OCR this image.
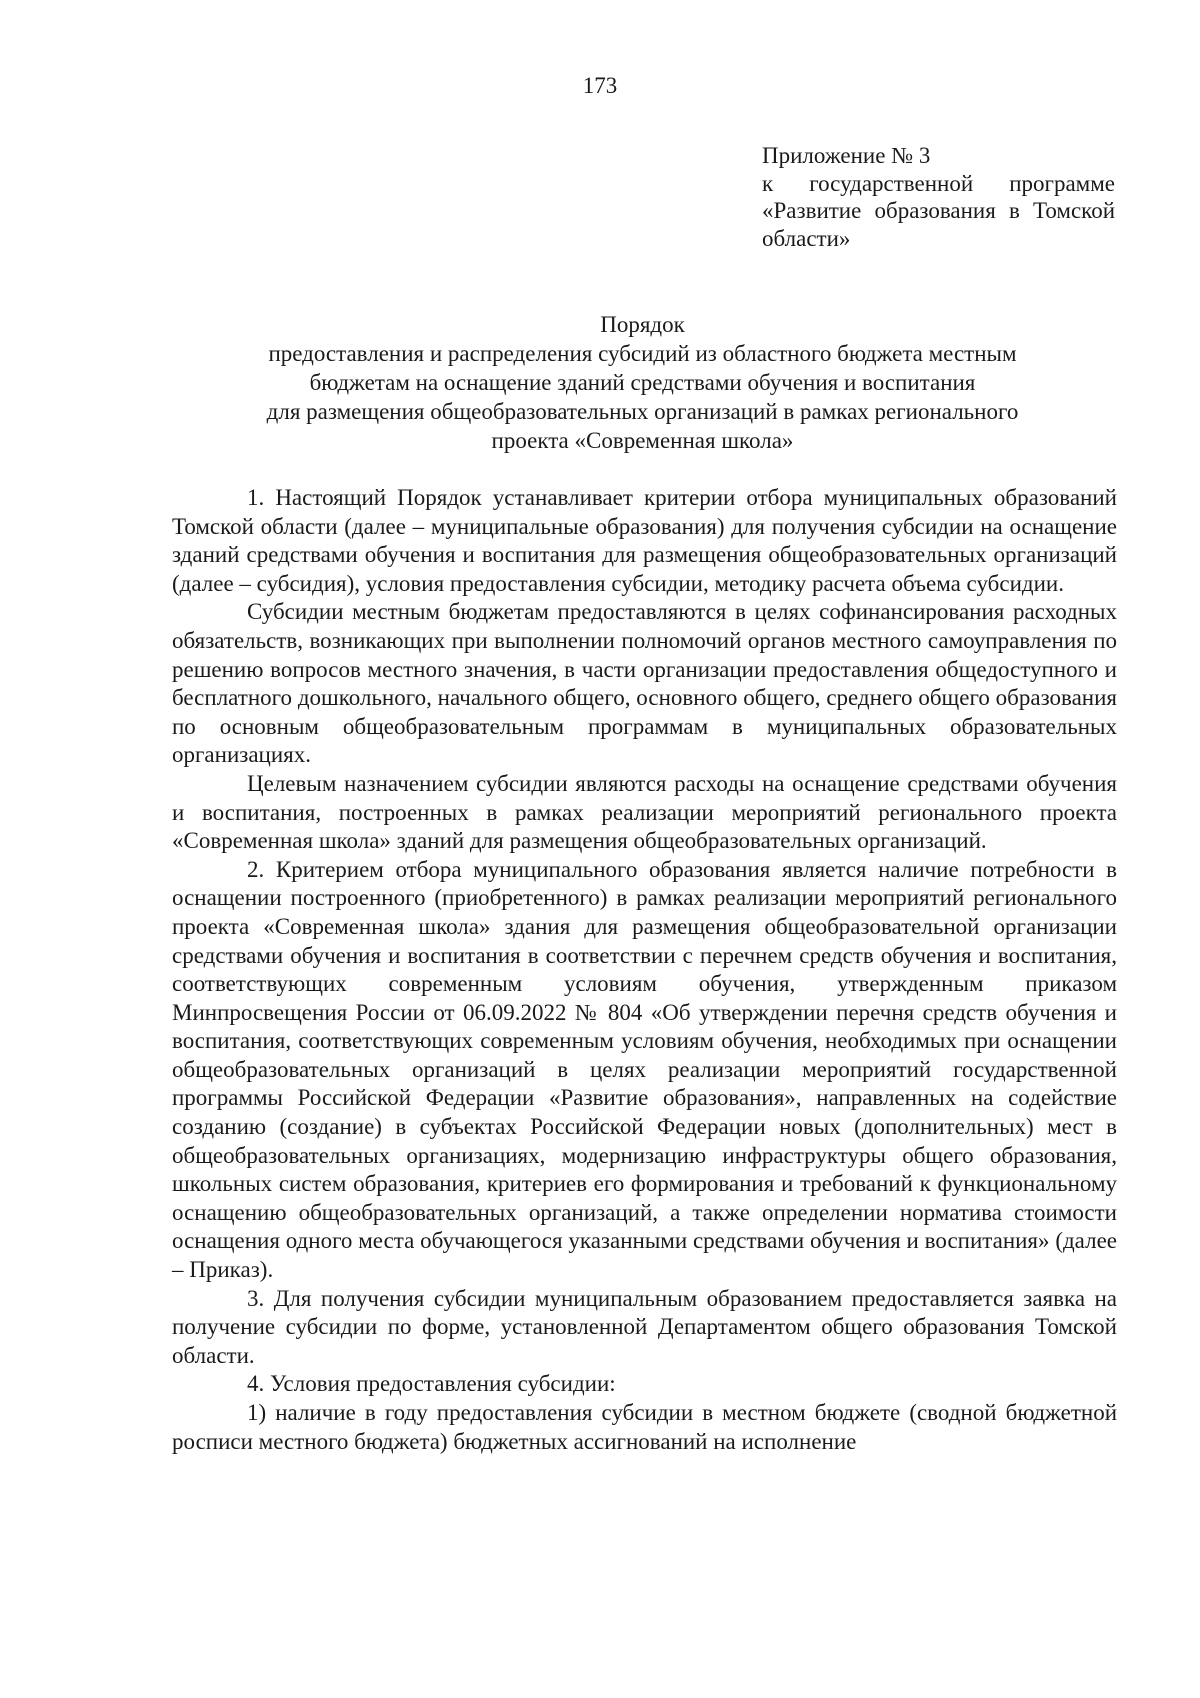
173
Приложение № 3
к государственной программе
«Развитие образования в Томской области»
Порядок
предоставления и распределения субсидий из областного бюджета местным
бюджетам на оснащение зданий средствами обучения и воспитания
для размещения общеобразовательных организаций в рамках регионального
проекта «Современная школа»

1. Настоящий Порядок устанавливает критерии отбора муниципальных образований Томской области (далее – муниципальные образования) для получения субсидии на оснащение зданий средствами обучения и воспитания для размещения общеобразовательных организаций (далее – субсидия), условия предоставления субсидии, методику расчета объема субсидии.

Субсидии местным бюджетам предоставляются в целях софинансирования расходных обязательств, возникающих при выполнении полномочий органов местного самоуправления по решению вопросов местного значения, в части организации предоставления общедоступного и бесплатного дошкольного, начального общего, основного общего, среднего общего образования по основным общеобразовательным программам в муниципальных образовательных организациях.

Целевым назначением субсидии являются расходы на оснащение средствами обучения и воспитания, построенных в рамках реализации мероприятий регионального проекта «Современная школа» зданий для размещения общеобразовательных организаций.

2. Критерием отбора муниципального образования является наличие потребности в оснащении построенного (приобретенного) в рамках реализации мероприятий регионального проекта «Современная школа» здания для размещения общеобразовательной организации средствами обучения и воспитания в соответствии с перечнем средств обучения и воспитания, соответствующих современным условиям обучения, утвержденным приказом Минпросвещения России от 06.09.2022 № 804 «Об утверждении перечня средств обучения и воспитания, соответствующих современным условиям обучения, необходимых при оснащении общеобразовательных организаций в целях реализации мероприятий государственной программы Российской Федерации «Развитие образования», направленных на содействие созданию (создание) в субъектах Российской Федерации новых (дополнительных) мест в общеобразовательных организациях, модернизацию инфраструктуры общего образования, школьных систем образования, критериев его формирования и требований к функциональному оснащению общеобразовательных организаций, а также определении норматива стоимости оснащения одного места обучающегося указанными средствами обучения и воспитания» (далее – Приказ).

3. Для получения субсидии муниципальным образованием предоставляется заявка на получение субсидии по форме, установленной Департаментом общего образования Томской области.

4. Условия предоставления субсидии:

1) наличие в году предоставления субсидии в местном бюджете (сводной бюджетной росписи местного бюджета) бюджетных ассигнований на исполнение
